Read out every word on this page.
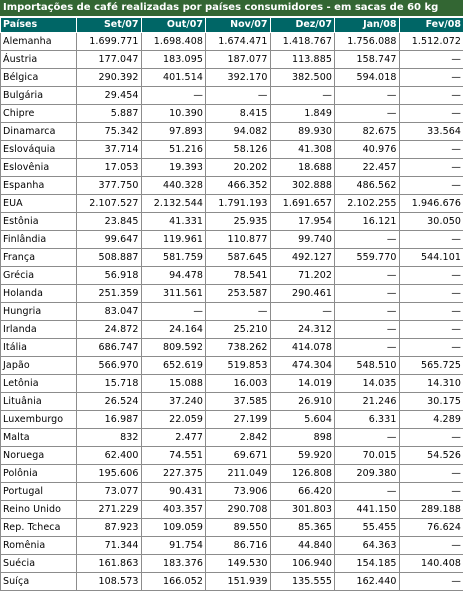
Importações de café realizadas por países consumidores - em sacas de 60 kg
Países	Set/07	Out/07	Nov/07	Dez/07	Jan/08	Fev/08
Alemanha	1.699.771	1.698.408	1.674.471	1.418.767	1.756.088	1.512.072
Áustria	177.047	183.095	187.077	113.885	158.747	—
Bélgica	290.392	401.514	392.170	382.500	594.018	—
Bulgária	29.454	—	—	—	—	—
Chipre	5.887	10.390	8.415	1.849	—	—
Dinamarca	75.342	97.893	94.082	89.930	82.675	33.564
Eslováquia	37.714	51.216	58.126	41.308	40.976	—
Eslovênia	17.053	19.393	20.202	18.688	22.457	—
Espanha	377.750	440.328	466.352	302.888	486.562	—
EUA	2.107.527	2.132.544	1.791.193	1.691.657	2.102.255	1.946.676
Estônia	23.845	41.331	25.935	17.954	16.121	30.050
Finlândia	99.647	119.961	110.877	99.740	—	—
França	508.887	581.759	587.645	492.127	559.770	544.101
Grécia	56.918	94.478	78.541	71.202	—	—
Holanda	251.359	311.561	253.587	290.461	—	—
Hungria	83.047	—	—	—	—	—
Irlanda	24.872	24.164	25.210	24.312	—	—
Itália	686.747	809.592	738.262	414.078	—	—
Japão	566.970	652.619	519.853	474.304	548.510	565.725
Letônia	15.718	15.088	16.003	14.019	14.035	14.310
Lituânia	26.524	37.240	37.585	26.910	21.246	30.175
Luxemburgo	16.987	22.059	27.199	5.604	6.331	4.289
Malta	832	2.477	2.842	898	—	—
Noruega	62.400	74.551	69.671	59.920	70.015	54.526
Polônia	195.606	227.375	211.049	126.808	209.380	—
Portugal	73.077	90.431	73.906	66.420	—	—
Reino Unido	271.229	403.357	290.708	301.803	441.150	289.188
Rep. Tcheca	87.923	109.059	89.550	85.365	55.455	76.624
Romênia	71.344	91.754	86.716	44.840	64.363	—
Suécia	161.863	183.376	149.530	106.940	154.185	140.408
Suíça	108.573	166.052	151.939	135.555	162.440	—
